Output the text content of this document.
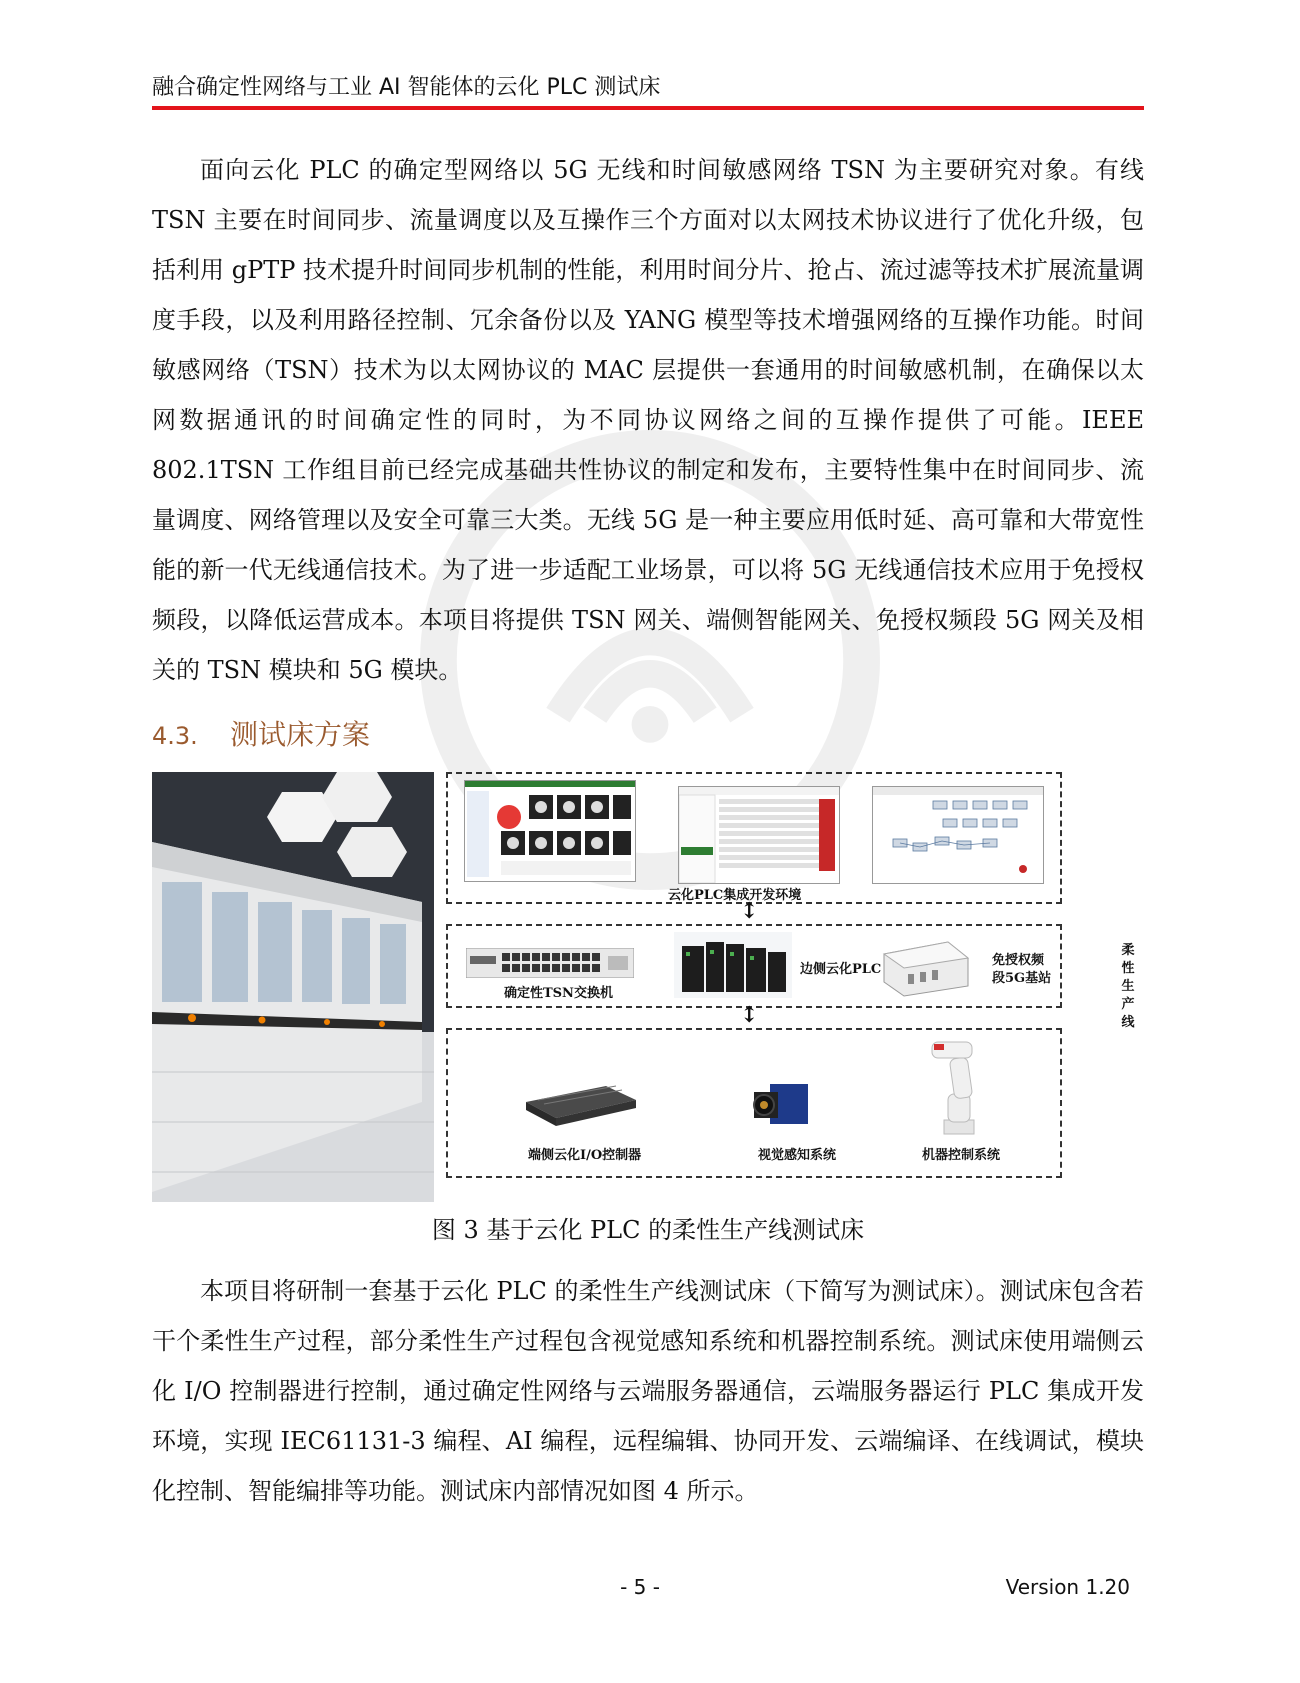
融合确定性网络与工业 AI 智能体的云化 PLC 测试床

面向云化 PLC 的确定型网络以 5G 无线和时间敏感网络 TSN 为主要研究对象。有线 TSN 主要在时间同步、流量调度以及互操作三个方面对以太网技术协议进行了优化升级，包括利用 gPTP 技术提升时间同步机制的性能，利用时间分片、抢占、流过滤等技术扩展流量调度手段，以及利用路径控制、冗余备份以及 YANG 模型等技术增强网络的互操作功能。时间敏感网络（TSN）技术为以太网协议的 MAC 层提供一套通用的时间敏感机制，在确保以太网数据通讯的时间确定性的同时，为不同协议网络之间的互操作提供了可能。IEEE 802.1TSN 工作组目前已经完成基础共性协议的制定和发布，主要特性集中在时间同步、流量调度、网络管理以及安全可靠三大类。无线 5G 是一种主要应用低时延、高可靠和大带宽性能的新一代无线通信技术。为了进一步适配工业场景，可以将 5G 无线通信技术应用于免授权频段，以降低运营成本。本项目将提供 TSN 网关、端侧智能网关、免授权频段 5G 网关及相关的 TSN 模块和 5G 模块。

4.3. 测试床方案
云化PLC集成开发环境
↕
确定性TSN交换机
边侧云化PLC
免授权频段5G基站
柔性生产线
↕
端侧云化I/O控制器	视觉感知系统	机器控制系统
图 3 基于云化 PLC 的柔性生产线测试床

本项目将研制一套基于云化 PLC 的柔性生产线测试床（下简写为测试床）。测试床包含若干个柔性生产过程，部分柔性生产过程包含视觉感知系统和机器控制系统。测试床使用端侧云化 I/O 控制器进行控制，通过确定性网络与云端服务器通信，云端服务器运行 PLC 集成开发环境，实现 IEC61131-3 编程、AI 编程，远程编辑、协同开发、云端编译、在线调试，模块化控制、智能编排等功能。测试床内部情况如图 4 所示。

- 5 -	Version 1.20
